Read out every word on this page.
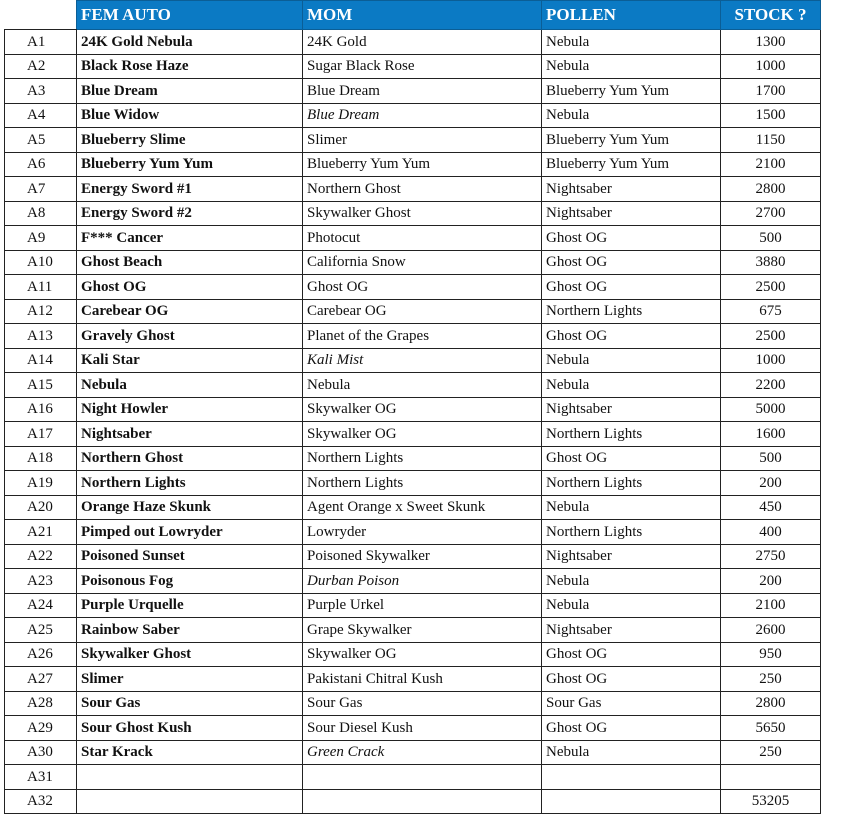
	FEM AUTO	MOM	POLLEN	STOCK ?
A1	24K Gold Nebula	24K Gold	Nebula	1300
A2	Black Rose Haze	Sugar Black Rose	Nebula	1000
A3	Blue Dream	Blue Dream	Blueberry Yum Yum	1700
A4	Blue Widow	Blue Dream	Nebula	1500
A5	Blueberry Slime	Slimer	Blueberry Yum Yum	1150
A6	Blueberry Yum Yum	Blueberry Yum Yum	Blueberry Yum Yum	2100
A7	Energy Sword #1	Northern Ghost	Nightsaber	2800
A8	Energy Sword #2	Skywalker Ghost	Nightsaber	2700
A9	F*** Cancer	Photocut	Ghost OG	500
A10	Ghost Beach	California Snow	Ghost OG	3880
A11	Ghost OG	Ghost OG	Ghost OG	2500
A12	Carebear OG	Carebear OG	Northern Lights	675
A13	Gravely Ghost	Planet of the Grapes	Ghost OG	2500
A14	Kali Star	Kali Mist	Nebula	1000
A15	Nebula	Nebula	Nebula	2200
A16	Night Howler	Skywalker OG	Nightsaber	5000
A17	Nightsaber	Skywalker OG	Northern Lights	1600
A18	Northern Ghost	Northern Lights	Ghost OG	500
A19	Northern Lights	Northern Lights	Northern Lights	200
A20	Orange Haze Skunk	Agent Orange x Sweet Skunk	Nebula	450
A21	Pimped out Lowryder	Lowryder	Northern Lights	400
A22	Poisoned Sunset	Poisoned Skywalker	Nightsaber	2750
A23	Poisonous Fog	Durban Poison	Nebula	200
A24	Purple Urquelle	Purple Urkel	Nebula	2100
A25	Rainbow Saber	Grape Skywalker	Nightsaber	2600
A26	Skywalker Ghost	Skywalker OG	Ghost OG	950
A27	Slimer	Pakistani Chitral Kush	Ghost OG	250
A28	Sour Gas	Sour Gas	Sour Gas	2800
A29	Sour Ghost Kush	Sour Diesel Kush	Ghost OG	5650
A30	Star Krack	Green Crack	Nebula	250
A31				
A32				53205
